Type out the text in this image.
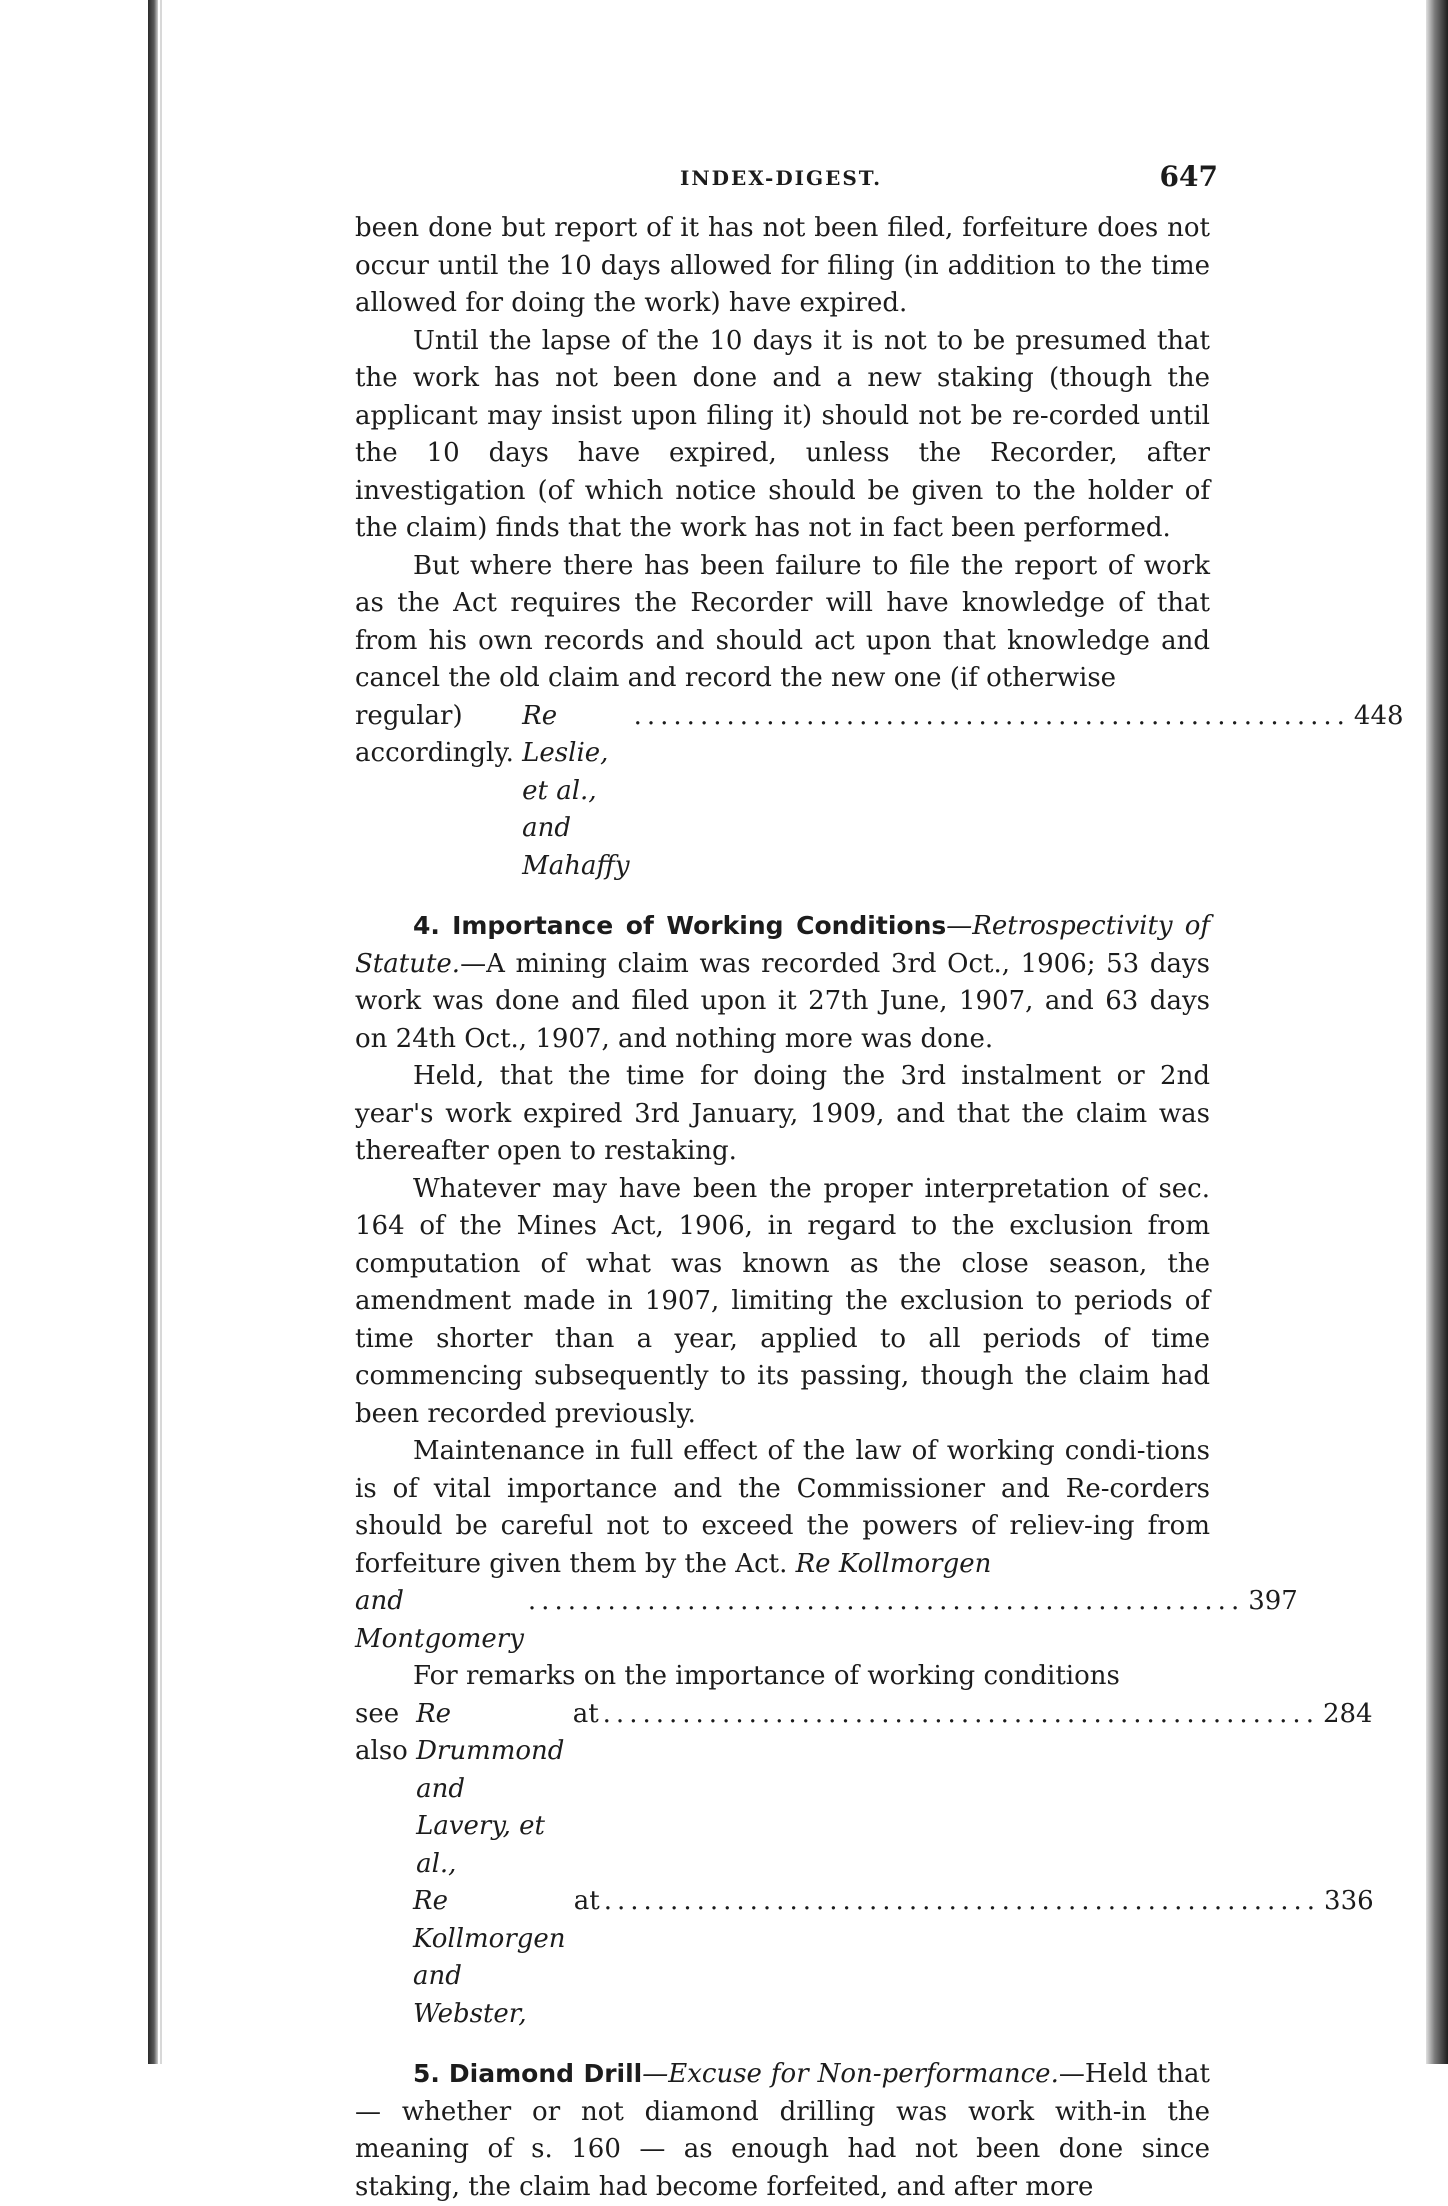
INDEX-DIGEST.	647

been done but report of it has not been filed, forfeiture does not occur until the 10 days allowed for filing (in addition to the time allowed for doing the work) have expired.

Until the lapse of the 10 days it is not to be presumed that the work has not been done and a new staking (though the applicant may insist upon filing it) should not be re-corded until the 10 days have expired, unless the Recorder, after investigation (of which notice should be given to the holder of the claim) finds that the work has not in fact been performed.

But where there has been failure to file the report of work as the Act requires the Recorder will have knowledge of that from his own records and should act upon that knowledge and cancel the old claim and record the new one (if otherwise

regular) accordingly.

Re Leslie, et al., and Mahaffy
...................................................... 448

4. Importance of Working Conditions—Retrospectivity of Statute.—A mining claim was recorded 3rd Oct., 1906; 53 days work was done and filed upon it 27th June, 1907, and 63 days on 24th Oct., 1907, and nothing more was done.

Held, that the time for doing the 3rd instalment or 2nd year's work expired 3rd January, 1909, and that the claim was thereafter open to restaking.

Whatever may have been the proper interpretation of sec. 164 of the Mines Act, 1906, in regard to the exclusion from computation of what was known as the close season, the amendment made in 1907, limiting the exclusion to periods of time shorter than a year, applied to all periods of time commencing subsequently to its passing, though the claim had been recorded previously.

Maintenance in full effect of the law of working condi-tions is of vital importance and the Commissioner and Re-corders should be careful not to exceed the powers of reliev-ing from forfeiture given them by the Act. Re Kollmorgen

and Montgomery
...................................................... 397

For remarks on the importance of working conditions

see also

Re Drummond and Lavery, et al.,

at ...................................................... 284
Re Kollmorgen and Webster,

at ...................................................... 336

5. Diamond Drill—Excuse for Non-performance.—Held that — whether or not diamond drilling was work with-in the meaning of s. 160 — as enough had not been done since staking, the claim had become forfeited, and after more
